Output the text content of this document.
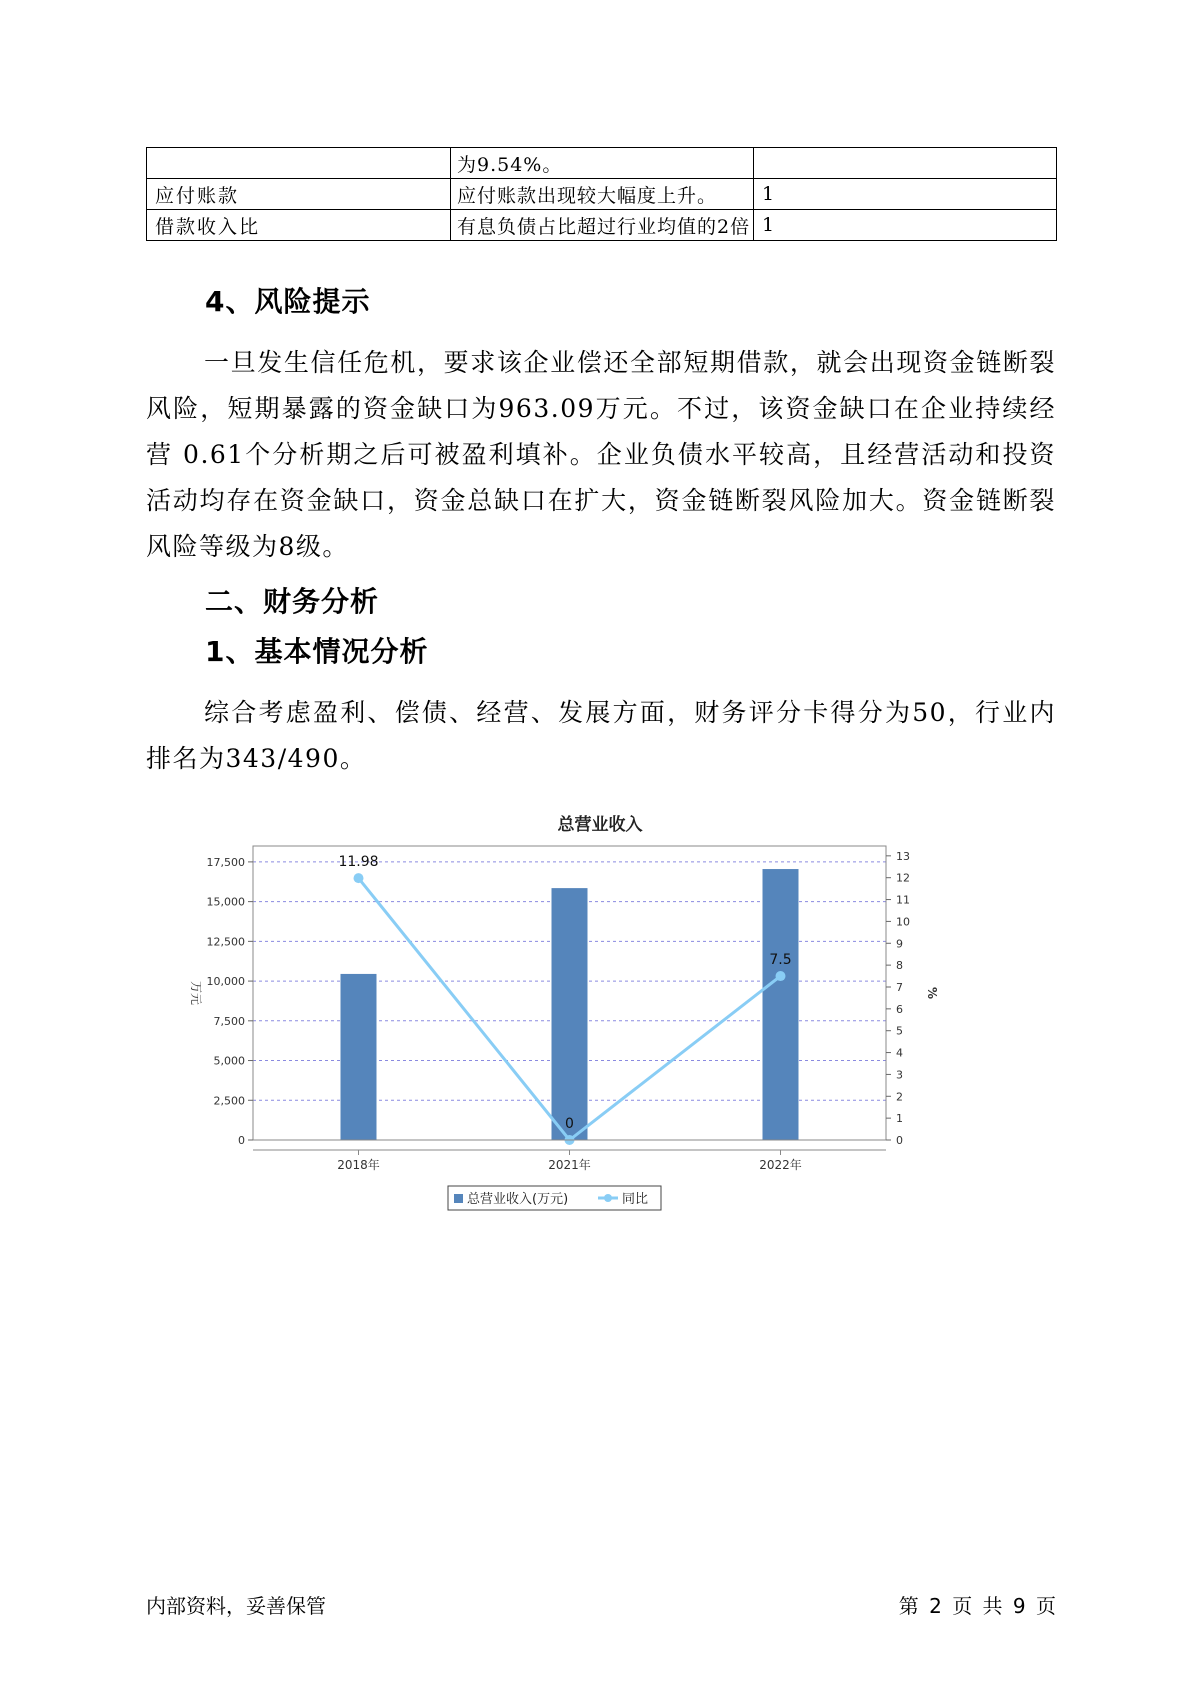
	为9.54%。	
应付账款	应付账款出现较大幅度上升。	1
借款收入比	有息负债占比超过行业均值的2倍	1
4、风险提示
一旦发生信任危机，要求该企业偿还全部短期借款，就会出现资金链断裂风险，短期暴露的资金缺口为963.09万元。不过，该资金缺口在企业持续经营 0.61个分析期之后可被盈利填补。企业负债水平较高，且经营活动和投资活动均存在资金缺口，资金总缺口在扩大，资金链断裂风险加大。资金链断裂风险等级为8级。
二、财务分析
1、基本情况分析
综合考虑盈利、偿债、经营、发展方面，财务评分卡得分为50，行业内排名为343/490。
总营业收入
11.98
0
7.5
0
2,500
5,000
7,500
10,000
12,500
15,000
17,500
0
1
2
3
4
5
6
7
8
9
10
11
12
13
万元	%
2018年	2021年	2022年
总营业收入(万元)	同比
内部资料，妥善保管	第 2 页 共 9 页
